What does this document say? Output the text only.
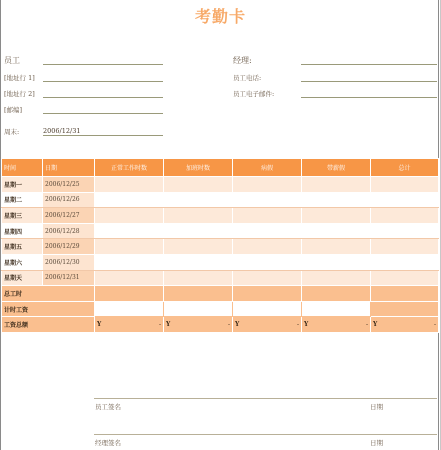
考勤卡
员工	经理:
[地址行 1]	员工电话:
[地址行 2]	员工电子邮件:
[邮编]
周末:	2006/12/31
时间	日期	正常工作时数	加班时数	病假	带薪假	总计
星期一	2006/12/25					
星期二	2006/12/26					
星期三	2006/12/27					
星期四	2006/12/28					
星期五	2006/12/29					
星期六	2006/12/30					
星期天	2006/12/31					
总工时						
计时工资						
工资总额		Y -	Y -	Y -	Y -	Y -
员工签名	日期
经理签名	日期
